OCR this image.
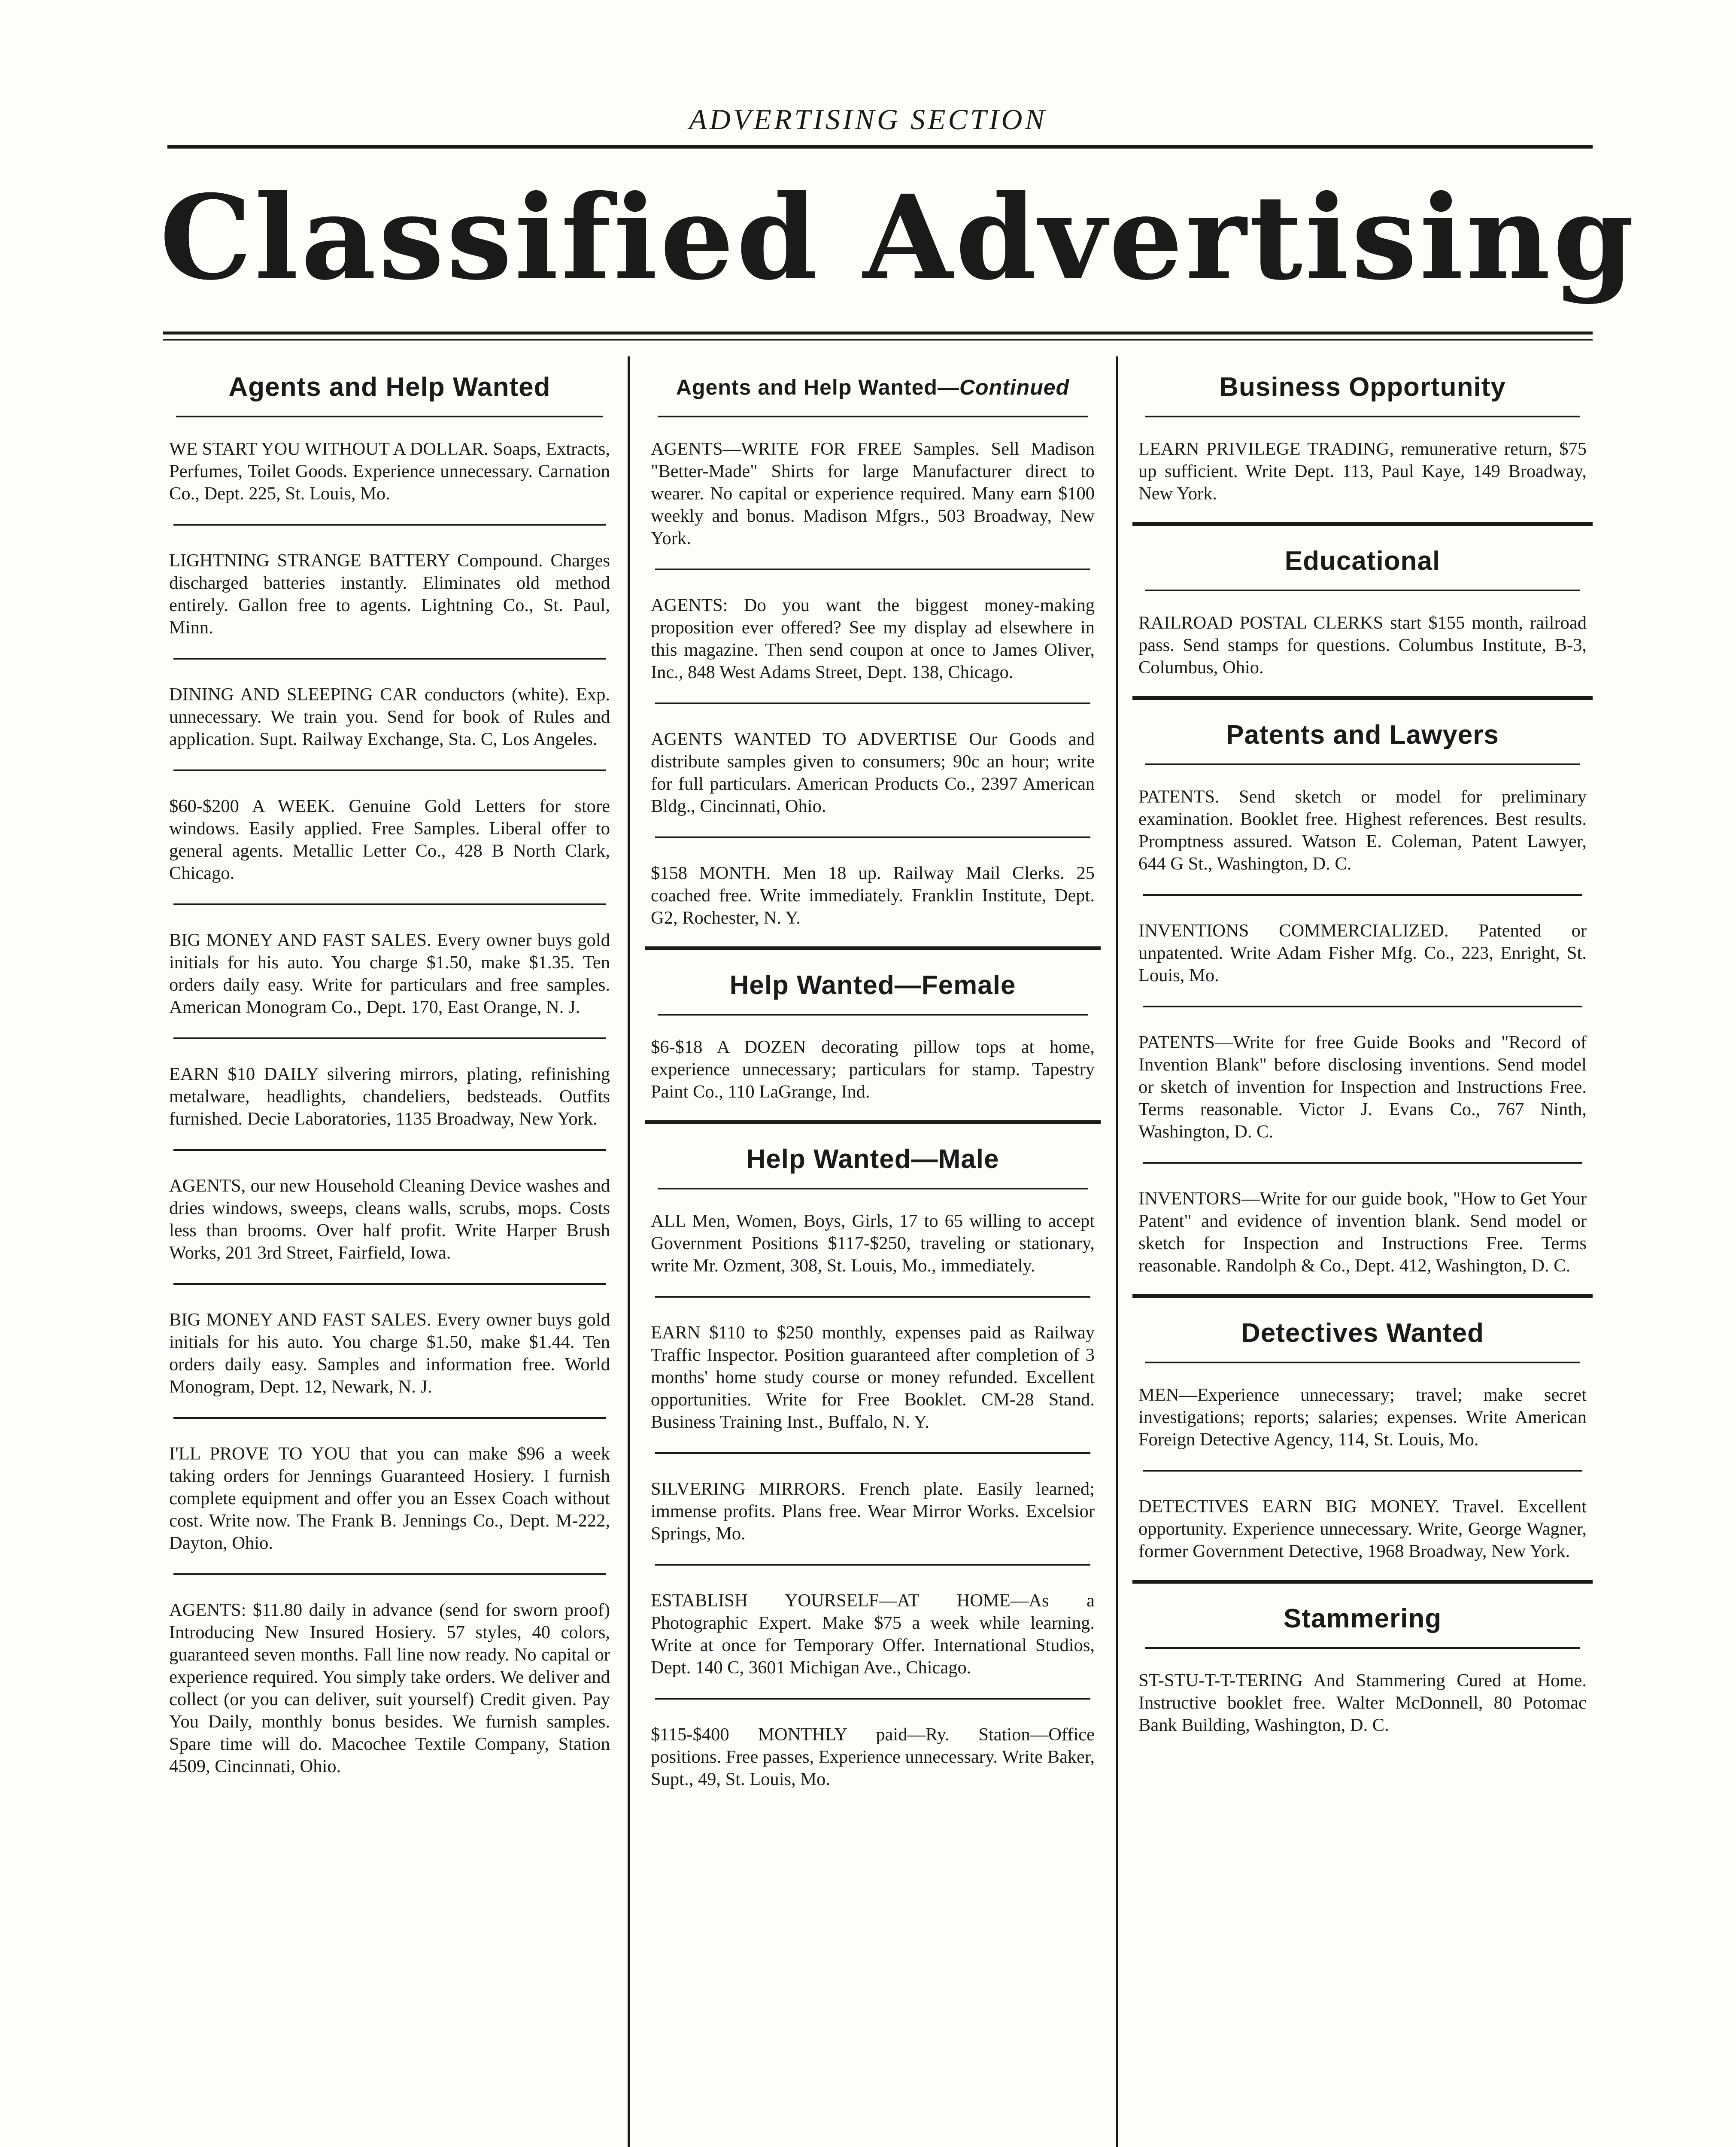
ADVERTISING SECTION
Classified Advertising
Agents and Help Wanted
WE START YOU WITHOUT A DOLLAR. Soaps, Extracts, Perfumes, Toilet Goods. Experience unnecessary. Carnation Co., Dept. 225, St. Louis, Mo.
LIGHTNING STRANGE BATTERY Compound. Charges discharged batteries instantly. Eliminates old method entirely. Gallon free to agents. Lightning Co., St. Paul, Minn.
DINING AND SLEEPING CAR conductors (white). Exp. unnecessary. We train you. Send for book of Rules and application. Supt. Railway Exchange, Sta. C, Los Angeles.
$60-$200 A WEEK. Genuine Gold Letters for store windows. Easily applied. Free Samples. Liberal offer to general agents. Metallic Letter Co., 428 B North Clark, Chicago.
BIG MONEY AND FAST SALES. Every owner buys gold initials for his auto. You charge $1.50, make $1.35. Ten orders daily easy. Write for particulars and free samples. American Monogram Co., Dept. 170, East Orange, N. J.
EARN $10 DAILY silvering mirrors, plating, refinishing metalware, headlights, chandeliers, bedsteads. Outfits furnished. Decie Laboratories, 1135 Broadway, New York.
AGENTS, our new Household Cleaning Device washes and dries windows, sweeps, cleans walls, scrubs, mops. Costs less than brooms. Over half profit. Write Harper Brush Works, 201 3rd Street, Fairfield, Iowa.
BIG MONEY AND FAST SALES. Every owner buys gold initials for his auto. You charge $1.50, make $1.44. Ten orders daily easy. Samples and information free. World Monogram, Dept. 12, Newark, N. J.
I'LL PROVE TO YOU that you can make $96 a week taking orders for Jennings Guaranteed Hosiery. I furnish complete equipment and offer you an Essex Coach without cost. Write now. The Frank B. Jennings Co., Dept. M-222, Dayton, Ohio.
AGENTS: $11.80 daily in advance (send for sworn proof) Introducing New Insured Hosiery. 57 styles, 40 colors, guaranteed seven months. Fall line now ready. No capital or experience required. You simply take orders. We deliver and collect (or you can deliver, suit yourself) Credit given. Pay You Daily, monthly bonus besides. We furnish samples. Spare time will do. Macochee Textile Company, Station 4509, Cincinnati, Ohio.
Agents and Help Wanted—Continued
AGENTS—WRITE FOR FREE Samples. Sell Madison "Better-Made" Shirts for large Manufacturer direct to wearer. No capital or experience required. Many earn $100 weekly and bonus. Madison Mfgrs., 503 Broadway, New York.
AGENTS: Do you want the biggest money-making proposition ever offered? See my display ad elsewhere in this magazine. Then send coupon at once to James Oliver, Inc., 848 West Adams Street, Dept. 138, Chicago.
AGENTS WANTED TO ADVERTISE Our Goods and distribute samples given to consumers; 90c an hour; write for full particulars. American Products Co., 2397 American Bldg., Cincinnati, Ohio.
$158 MONTH. Men 18 up. Railway Mail Clerks. 25 coached free. Write immediately. Franklin Institute, Dept. G2, Rochester, N. Y.
Help Wanted—Female
$6-$18 A DOZEN decorating pillow tops at home, experience unnecessary; particulars for stamp. Tapestry Paint Co., 110 LaGrange, Ind.
Help Wanted—Male
ALL Men, Women, Boys, Girls, 17 to 65 willing to accept Government Positions $117-$250, traveling or stationary, write Mr. Ozment, 308, St. Louis, Mo., immediately.
EARN $110 to $250 monthly, expenses paid as Railway Traffic Inspector. Position guaranteed after completion of 3 months' home study course or money refunded. Excellent opportunities. Write for Free Booklet. CM-28 Stand. Business Training Inst., Buffalo, N. Y.
SILVERING MIRRORS. French plate. Easily learned; immense profits. Plans free. Wear Mirror Works. Excelsior Springs, Mo.
ESTABLISH YOURSELF—AT HOME—As a Photographic Expert. Make $75 a week while learning. Write at once for Temporary Offer. International Studios, Dept. 140 C, 3601 Michigan Ave., Chicago.
$115-$400 MONTHLY paid—Ry. Station—Office positions. Free passes, Experience unnecessary. Write Baker, Supt., 49, St. Louis, Mo.
Business Opportunity
LEARN PRIVILEGE TRADING, remunerative return, $75 up sufficient. Write Dept. 113, Paul Kaye, 149 Broadway, New York.
Educational
RAILROAD POSTAL CLERKS start $155 month, railroad pass. Send stamps for questions. Columbus Institute, B-3, Columbus, Ohio.
Patents and Lawyers
PATENTS. Send sketch or model for preliminary examination. Booklet free. Highest references. Best results. Promptness assured. Watson E. Coleman, Patent Lawyer, 644 G St., Washington, D. C.
INVENTIONS COMMERCIALIZED. Patented or unpatented. Write Adam Fisher Mfg. Co., 223, Enright, St. Louis, Mo.
PATENTS—Write for free Guide Books and "Record of Invention Blank" before disclosing inventions. Send model or sketch of invention for Inspection and Instructions Free. Terms reasonable. Victor J. Evans Co., 767 Ninth, Washington, D. C.
INVENTORS—Write for our guide book, "How to Get Your Patent" and evidence of invention blank. Send model or sketch for Inspection and Instructions Free. Terms reasonable. Randolph & Co., Dept. 412, Washington, D. C.
Detectives Wanted
MEN—Experience unnecessary; travel; make secret investigations; reports; salaries; expenses. Write American Foreign Detective Agency, 114, St. Louis, Mo.
DETECTIVES EARN BIG MONEY. Travel. Excellent opportunity. Experience unnecessary. Write, George Wagner, former Government Detective, 1968 Broadway, New York.
Stammering
ST-STU-T-T-TERING And Stammering Cured at Home. Instructive booklet free. Walter McDonnell, 80 Potomac Bank Building, Washington, D. C.
